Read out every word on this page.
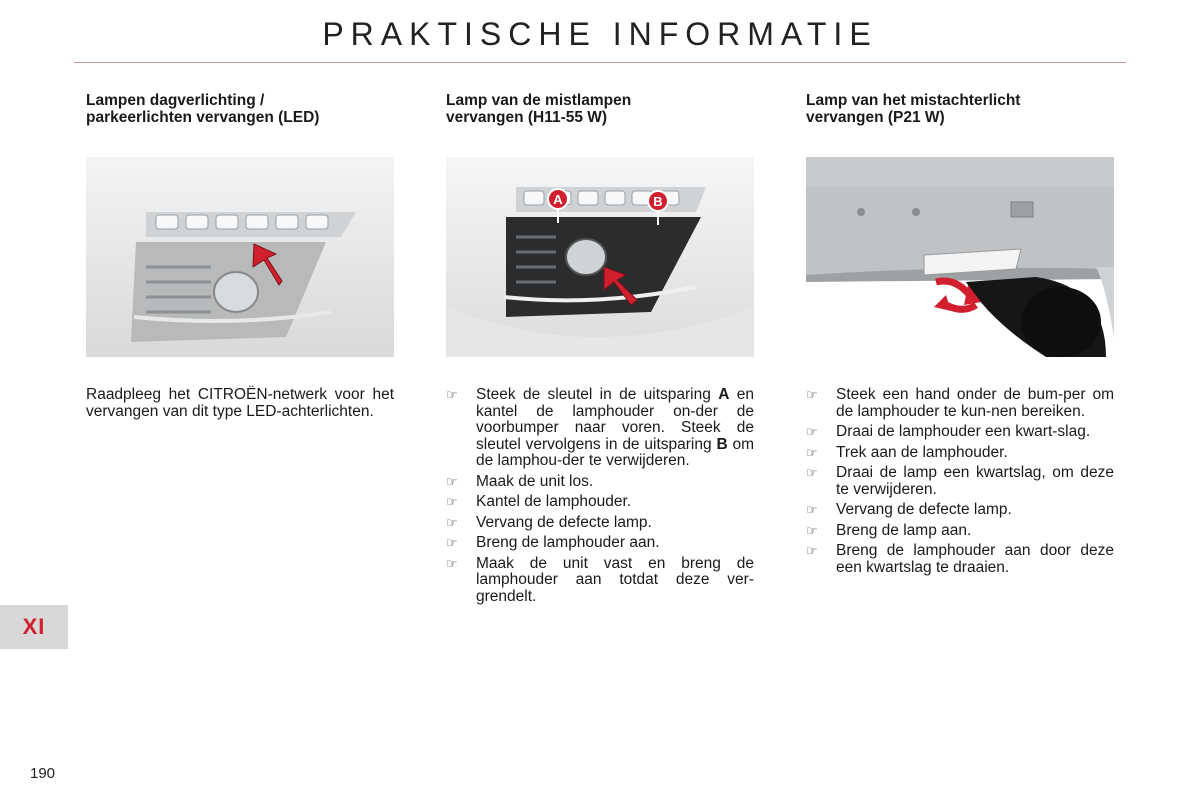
PRAKTISCHE INFORMATIE
Lampen dagverlichting /
parkeerlichten vervangen (LED)

Raadpleeg het CITROËN-netwerk voor het vervangen van dit type LED-achterlichten.

Lamp van de mistlampen
vervangen (H11-55 W)
A	B
☞ Steek de sleutel in de uitsparing A en kantel de lamphouder on-der de voorbumper naar voren. Steek de sleutel vervolgens in de uitsparing B om de lamphou-der te verwijderen.
☞ Maak de unit los.
☞ Kantel de lamphouder.
☞ Vervang de defecte lamp.
☞ Breng de lamphouder aan.
☞ Maak de unit vast en breng de lamphouder aan totdat deze ver-grendelt.
Lamp van het mistachterlicht
vervangen (P21 W)
☞ Steek een hand onder de bum-per om de lamphouder te kun-nen bereiken.
☞ Draai de lamphouder een kwart-slag.
☞ Trek aan de lamphouder.
☞ Draai de lamp een kwartslag, om deze te verwijderen.
☞ Vervang de defecte lamp.
☞ Breng de lamp aan.
☞ Breng de lamphouder aan door deze een kwartslag te draaien.
XI
190
